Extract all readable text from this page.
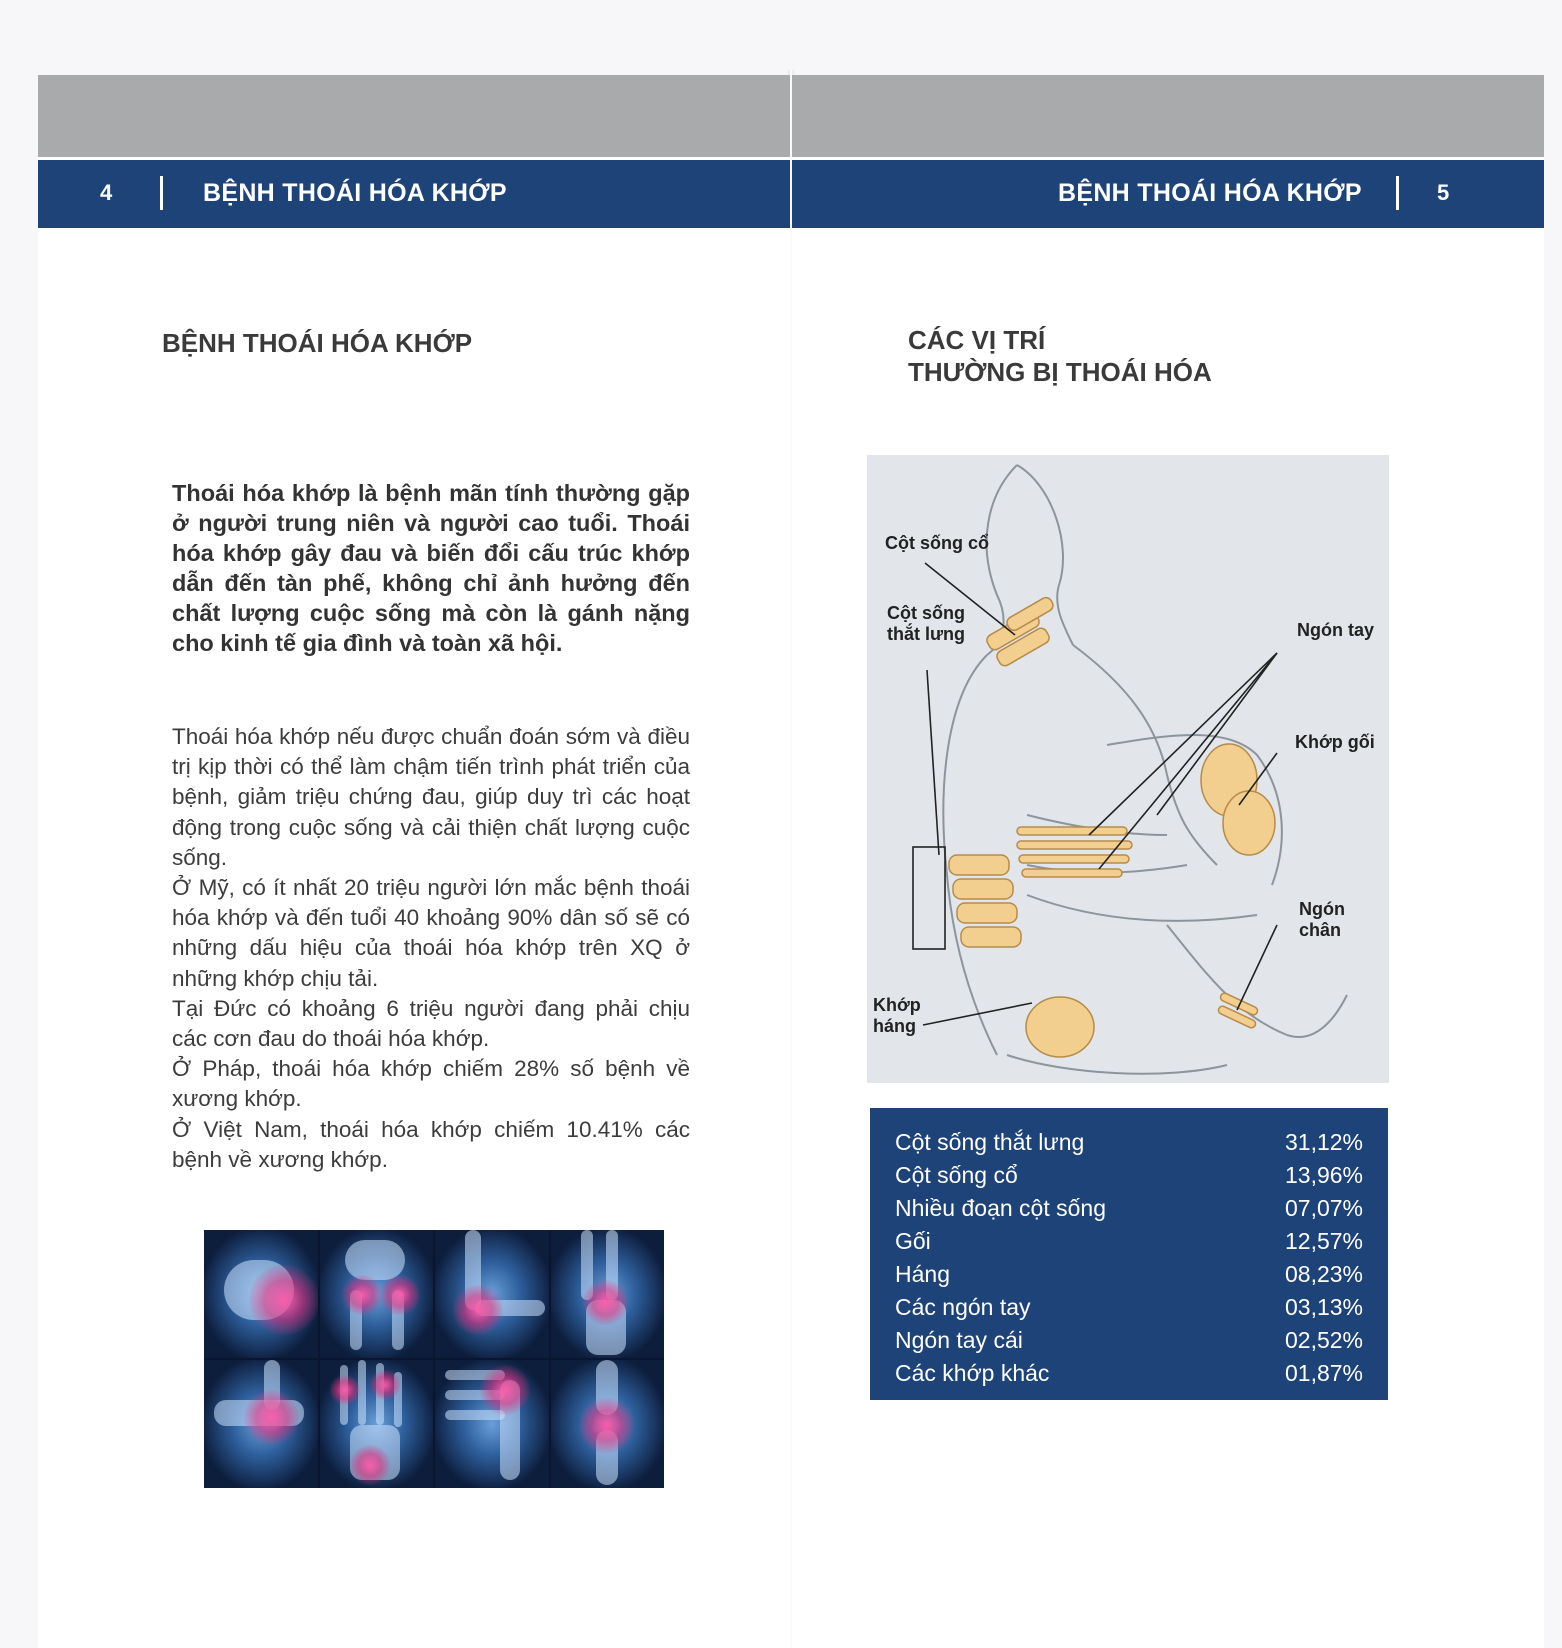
4	BỆNH THOÁI HÓA KHỚP
BỆNH THOÁI HÓA KHỚP
Thoái hóa khớp là bệnh mãn tính thường gặp ở người trung niên và người cao tuổi. Thoái hóa khớp gây đau và biến đổi cấu trúc khớp dẫn đến tàn phế, không chỉ ảnh hưởng đến chất lượng cuộc sống mà còn là gánh nặng cho kinh tế gia đình và toàn xã hội.

Thoái hóa khớp nếu được chuẩn đoán sớm và điều trị kịp thời có thể làm chậm tiến trình phát triển của bệnh, giảm triệu chứng đau, giúp duy trì các hoạt động trong cuộc sống và cải thiện chất lượng cuộc sống.

Ở Mỹ, có ít nhất 20 triệu người lớn mắc bệnh thoái hóa khớp và đến tuổi 40 khoảng 90% dân số sẽ có những dấu hiệu của thoái hóa khớp trên XQ ở những khớp chịu tải.

Tại Đức có khoảng 6 triệu người đang phải chịu các cơn đau do thoái hóa khớp.

Ở Pháp, thoái hóa khớp chiếm 28% số bệnh về xương khớp.

Ở Việt Nam, thoái hóa khớp chiếm 10.41% các bệnh về xương khớp.

BỆNH THOÁI HÓA KHỚP	5
CÁC VỊ TRÍ
THƯỜNG BỊ THOÁI HÓA
Cột sống cổ
Cột sống
thắt lưng	Ngón tay
Khớp gối
Ngón chân
Khớp
háng
Cột sống thắt lưng	31,12%
Cột sống cổ	13,96%
Nhiều đoạn cột sống	07,07%
Gối	12,57%
Háng	08,23%
Các ngón tay	03,13%
Ngón tay cái	02,52%
Các khớp khác	01,87%
